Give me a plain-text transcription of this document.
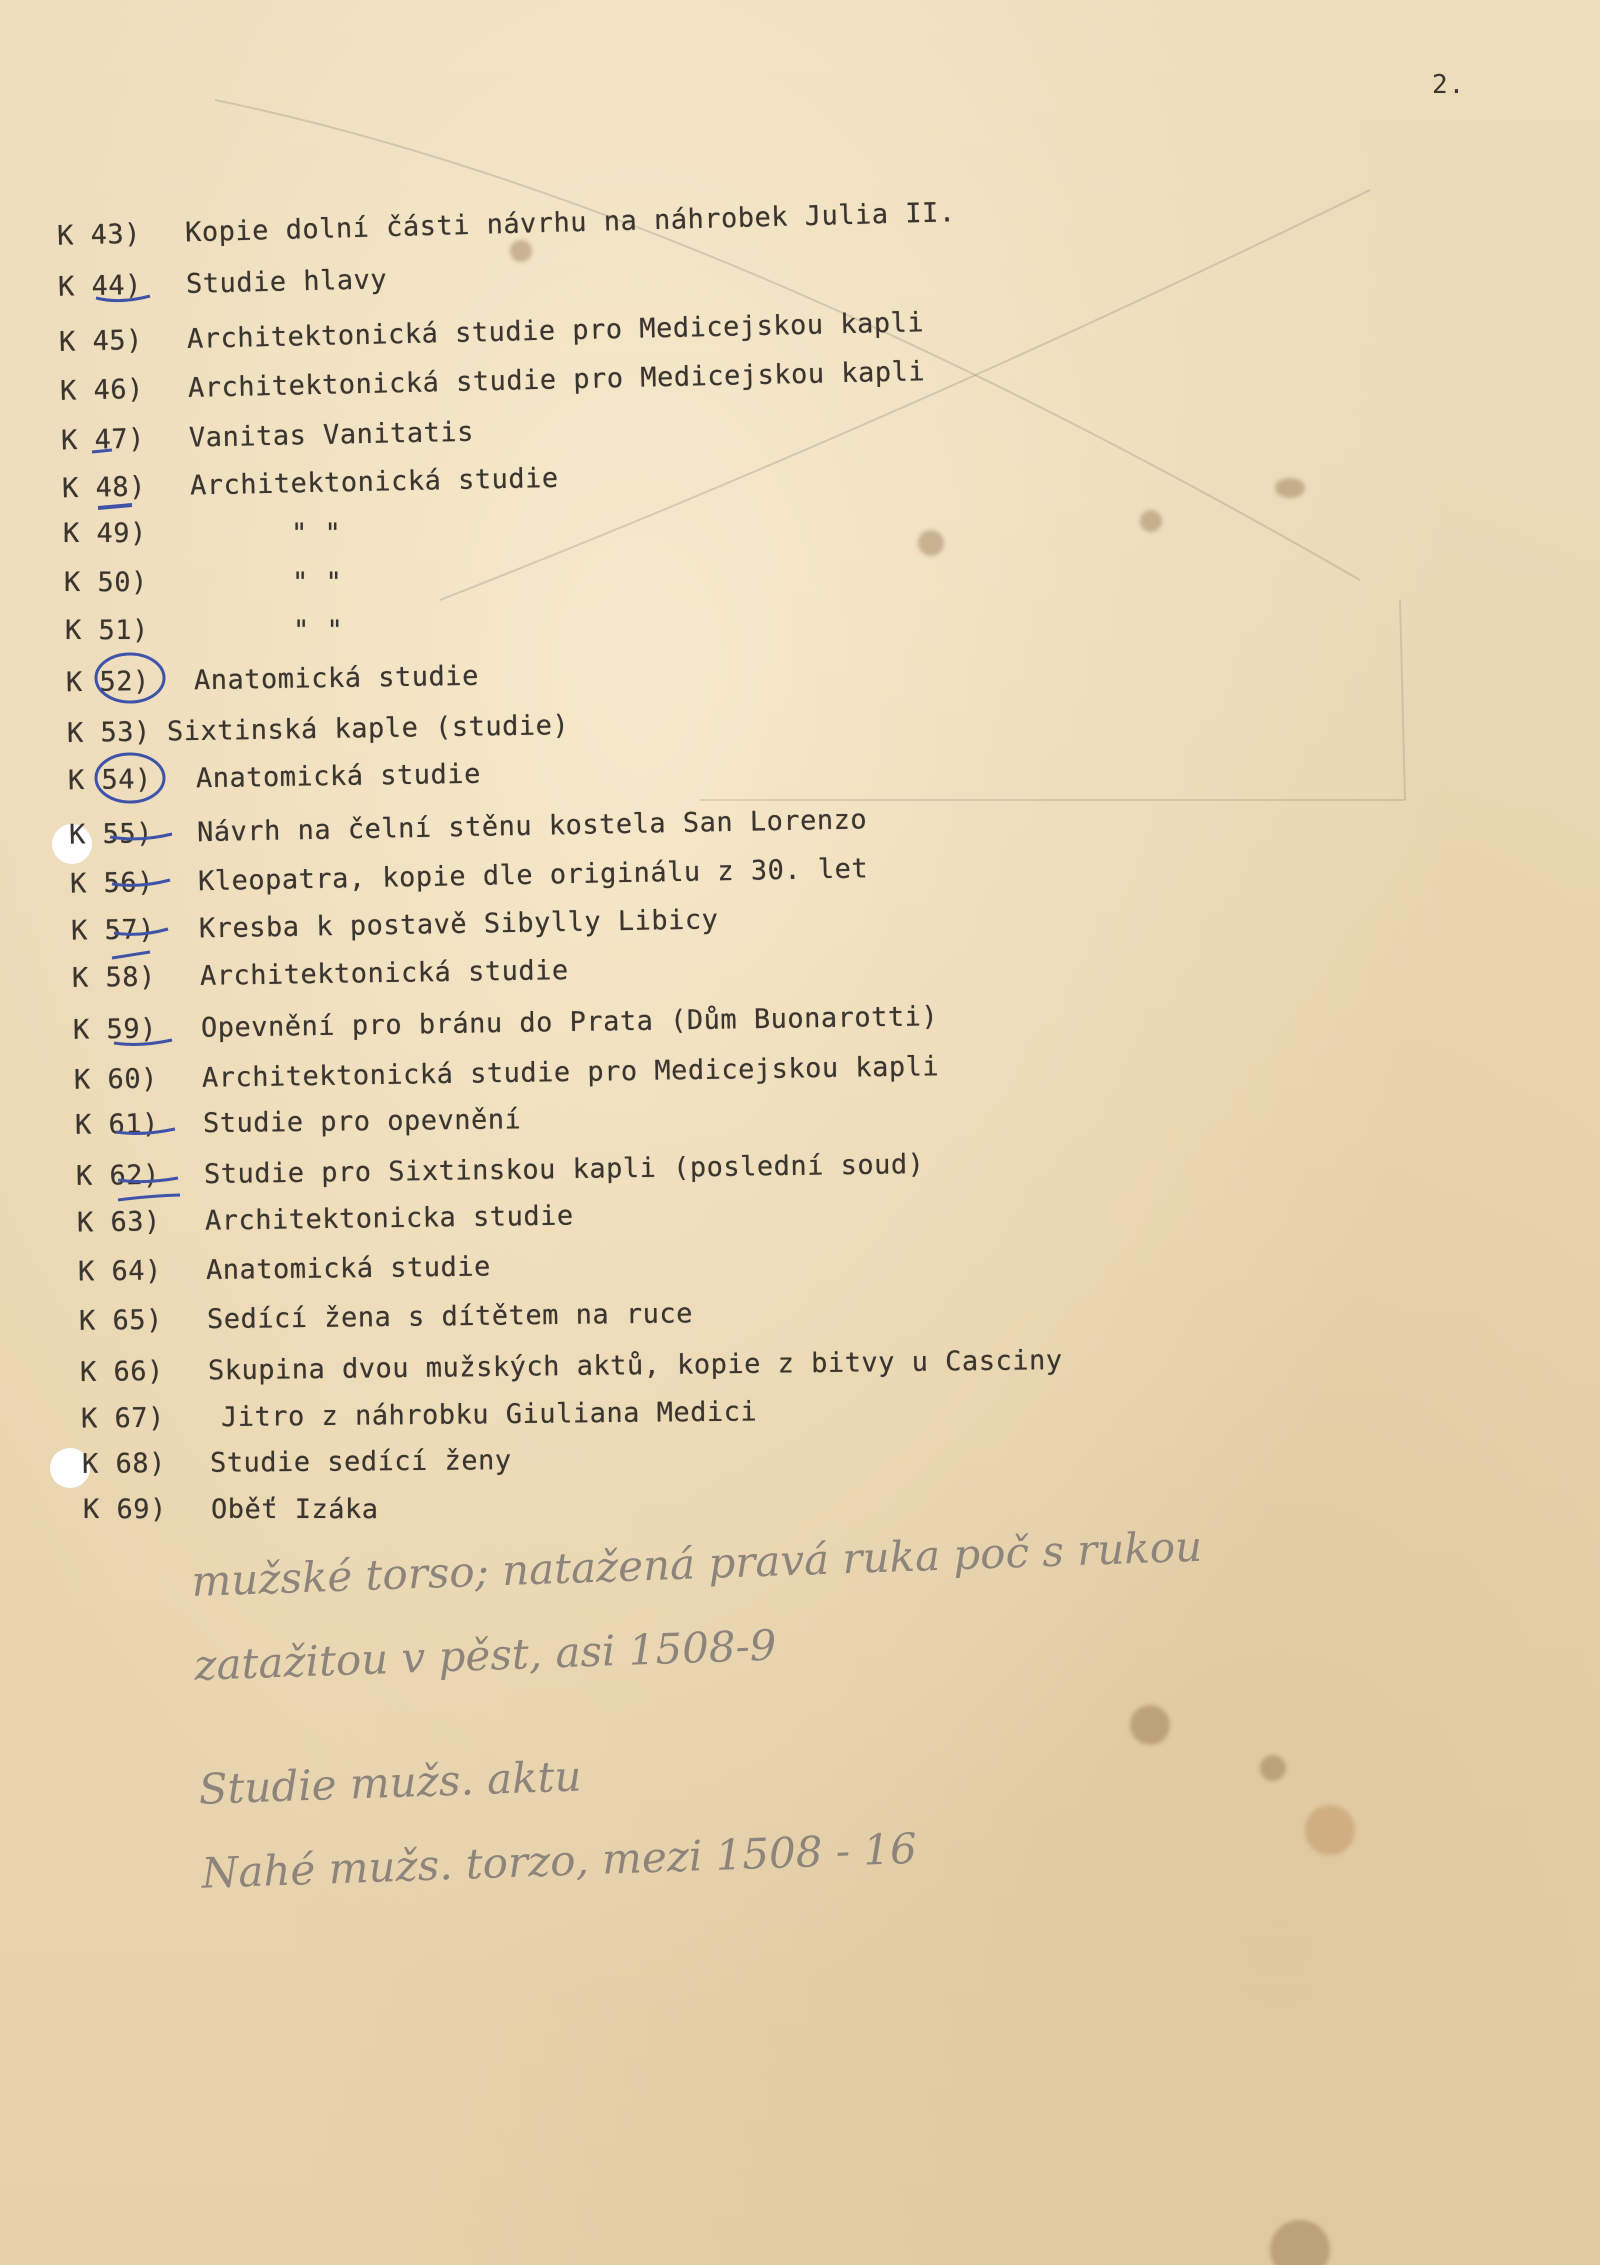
2.
K 43) Kopie dolní části návrhu na náhrobek Julia II.
K 44) Studie hlavy
K 45) Architektonická studie pro Medicejskou kapli
K 46) Architektonická studie pro Medicejskou kapli
K 47) Vanitas Vanitatis
K 48) Architektonická studie
K 49)	" "
K 50)	" "
K 51)	" "
K 52) Anatomická studie
K 53) Sixtinská kaple (studie)
K 54) Anatomická studie
K 55) Návrh na čelní stěnu kostela San Lorenzo
K 56) Kleopatra, kopie dle originálu z 30. let
K 57) Kresba k postavě Sibylly Libicy
K 58) Architektonická studie
K 59) Opevnění pro bránu do Prata (Dům Buonarotti)
K 60) Architektonická studie pro Medicejskou kapli
K 61) Studie pro opevnění
K 62) Studie pro Sixtinskou kapli (poslední soud)
K 63) Architektonicka studie
K 64) Anatomická studie
K 65) Sedící žena s dítětem na ruce
K 66) Skupina dvou mužských aktů, kopie z bitvy u Casciny
K 67) Jitro z náhrobku Giuliana Medici
K 68) Studie sedící ženy
K 69) Oběť Izáka
mužské torso; natažená pravá ruka poč s rukou
zatažitou v pěst, asi 1508-9
Studie mužs. aktu
Nahé mužs. torzo, mezi 1508 - 16
